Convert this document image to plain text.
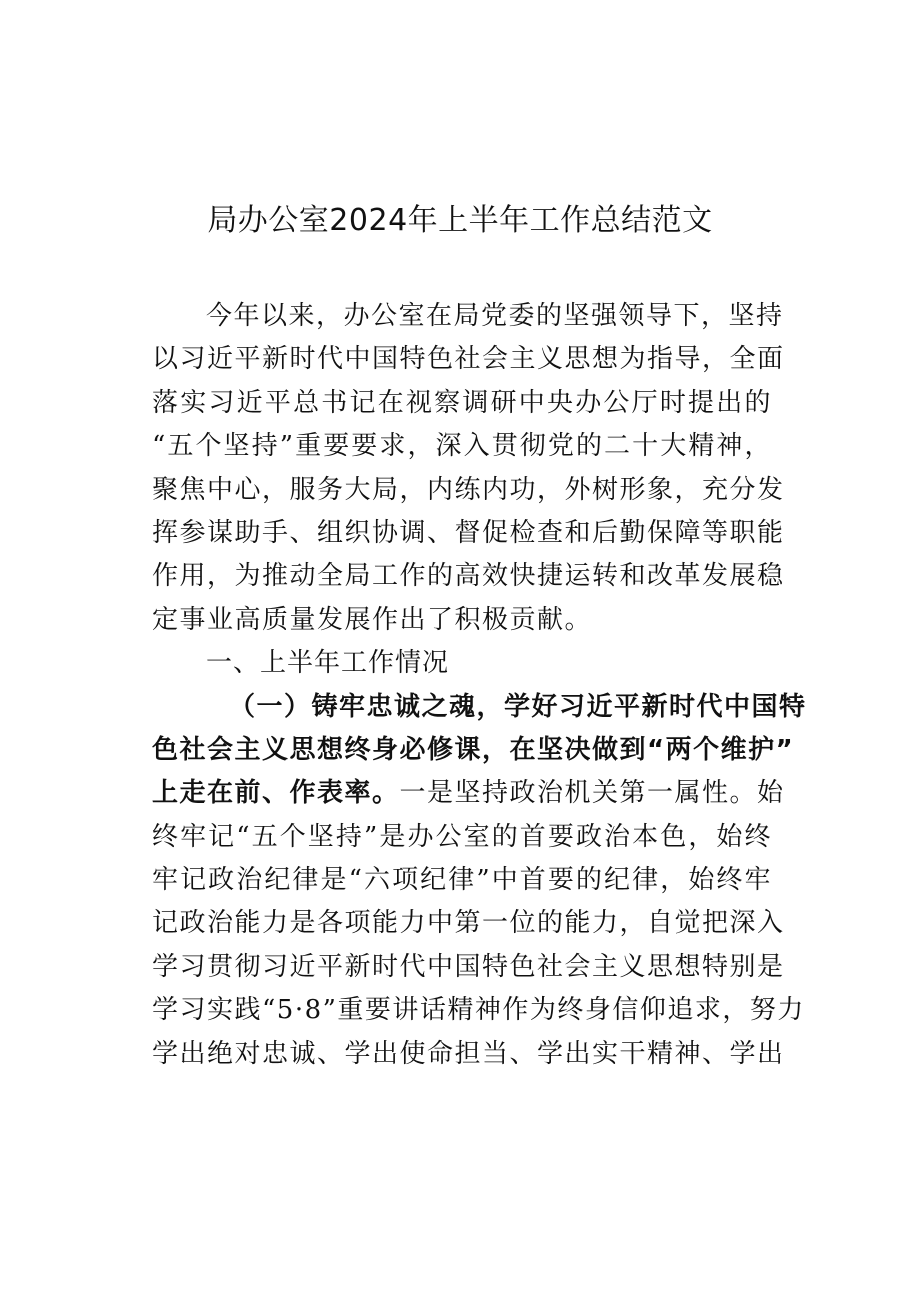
局办公室2024年上半年工作总结范文
今年以来，办公室在局党委的坚强领导下，坚持
以习近平新时代中国特色社会主义思想为指导，全面
落实习近平总书记在视察调研中央办公厅时提出的
“五个坚持”重要要求，深入贯彻党的二十大精神，
聚焦中心，服务大局，内练内功，外树形象，充分发
挥参谋助手、组织协调、督促检查和后勤保障等职能
作用，为推动全局工作的高效快捷运转和改革发展稳
定事业高质量发展作出了积极贡献。
一、上半年工作情况
（一）铸牢忠诚之魂，学好习近平新时代中国特
色社会主义思想终身必修课，在坚决做到“两个维护”
上走在前、作表率。一是坚持政治机关第一属性。始
终牢记“五个坚持”是办公室的首要政治本色，始终
牢记政治纪律是“六项纪律”中首要的纪律，始终牢
记政治能力是各项能力中第一位的能力，自觉把深入
学习贯彻习近平新时代中国特色社会主义思想特别是
学习实践“5·8”重要讲话精神作为终身信仰追求，努力
学出绝对忠诚、学出使命担当、学出实干精神、学出
